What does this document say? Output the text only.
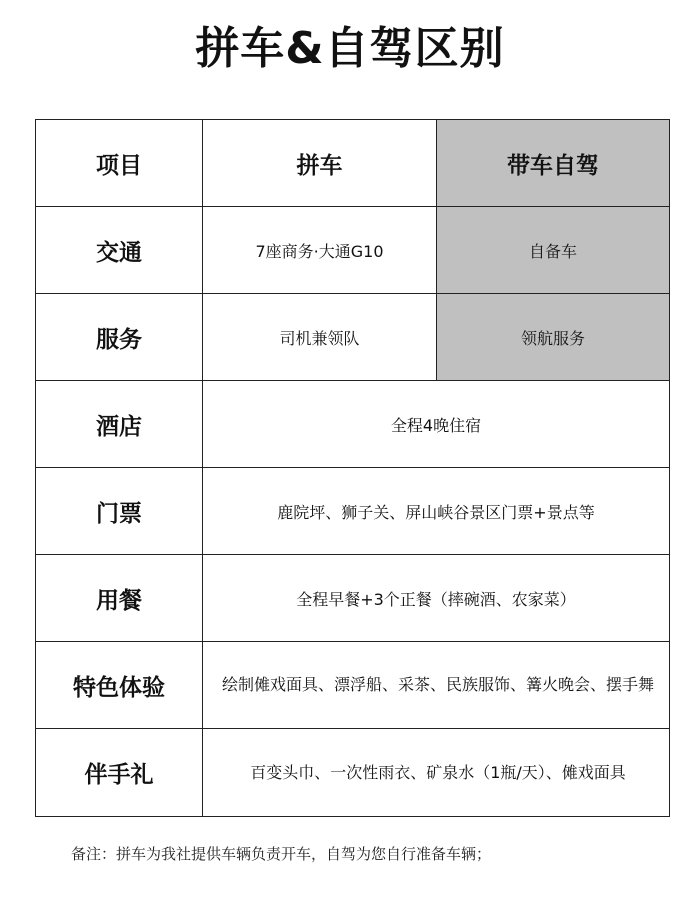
拼车&自驾区别
项目	拼车	带车自驾
交通	7座商务·大通G10	自备车
服务	司机兼领队	领航服务
酒店	全程4晚住宿	
门票	鹿院坪、狮子关、屏山峡谷景区门票+景点等	
用餐	全程早餐+3个正餐（摔碗酒、农家菜）	
特色体验	绘制傩戏面具、漂浮船、采茶、民族服饰、篝火晚会、摆手舞	
伴手礼	百变头巾、一次性雨衣、矿泉水（1瓶/天）、傩戏面具	
备注：拼车为我社提供车辆负责开车，自驾为您自行准备车辆；
